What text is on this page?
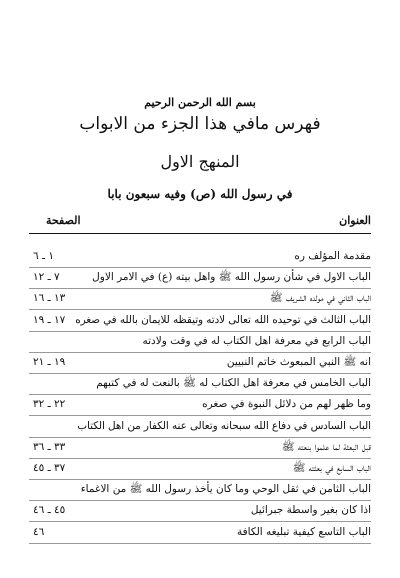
بسم الله الرحمن الرحيم
فهرس مافي هذا الجزء من الابواب
المنهج الاول
في رسول الله (ص) وفيه سبعون بابا
العنوان
الصفحة
مقدمة المؤلف ره
١ ـ ٦
الباب الاول في شأن رسول الله ﷺ واهل بيته (ع) في الامر الاول
٧ ـ ١٢
الباب الثاني في مولده الشريف ﷺ
١٣ ـ ١٦
الباب الثالث في توحيده الله تعالى لادته وتيقظه للايمان بالله في صغره
١٧ ـ ١٩
الباب الرابع في معرفة اهل الكتاب له في وقت ولادته
انه ﷺ النبي المبعوث خاتم النبيين
١٩ ـ ٢١
الباب الخامس في معرفة اهل الكتاب له ﷺ بالنعت له في كتبهم
وما ظهر لهم من دلائل النبوة في صغره
٢٢ ـ ٣٢
الباب السادس في دفاع الله سبحانه وتعالى عنه الكفار من اهل الكتاب
قبل البعثة لما علموا بنعته ﷺ
٣٣ ـ ٣٦
الباب السابع في بعثته ﷺ
٣٧ ـ ٤٥
الباب الثامن في ثقل الوحي وما كان يأخذ رسول الله ﷺ من الاغماء
اذا كان بغير واسطة جبرائيل
٤٥ ـ ٤٦
الباب التاسع كيفية تبليغه الكافة
٤٦
